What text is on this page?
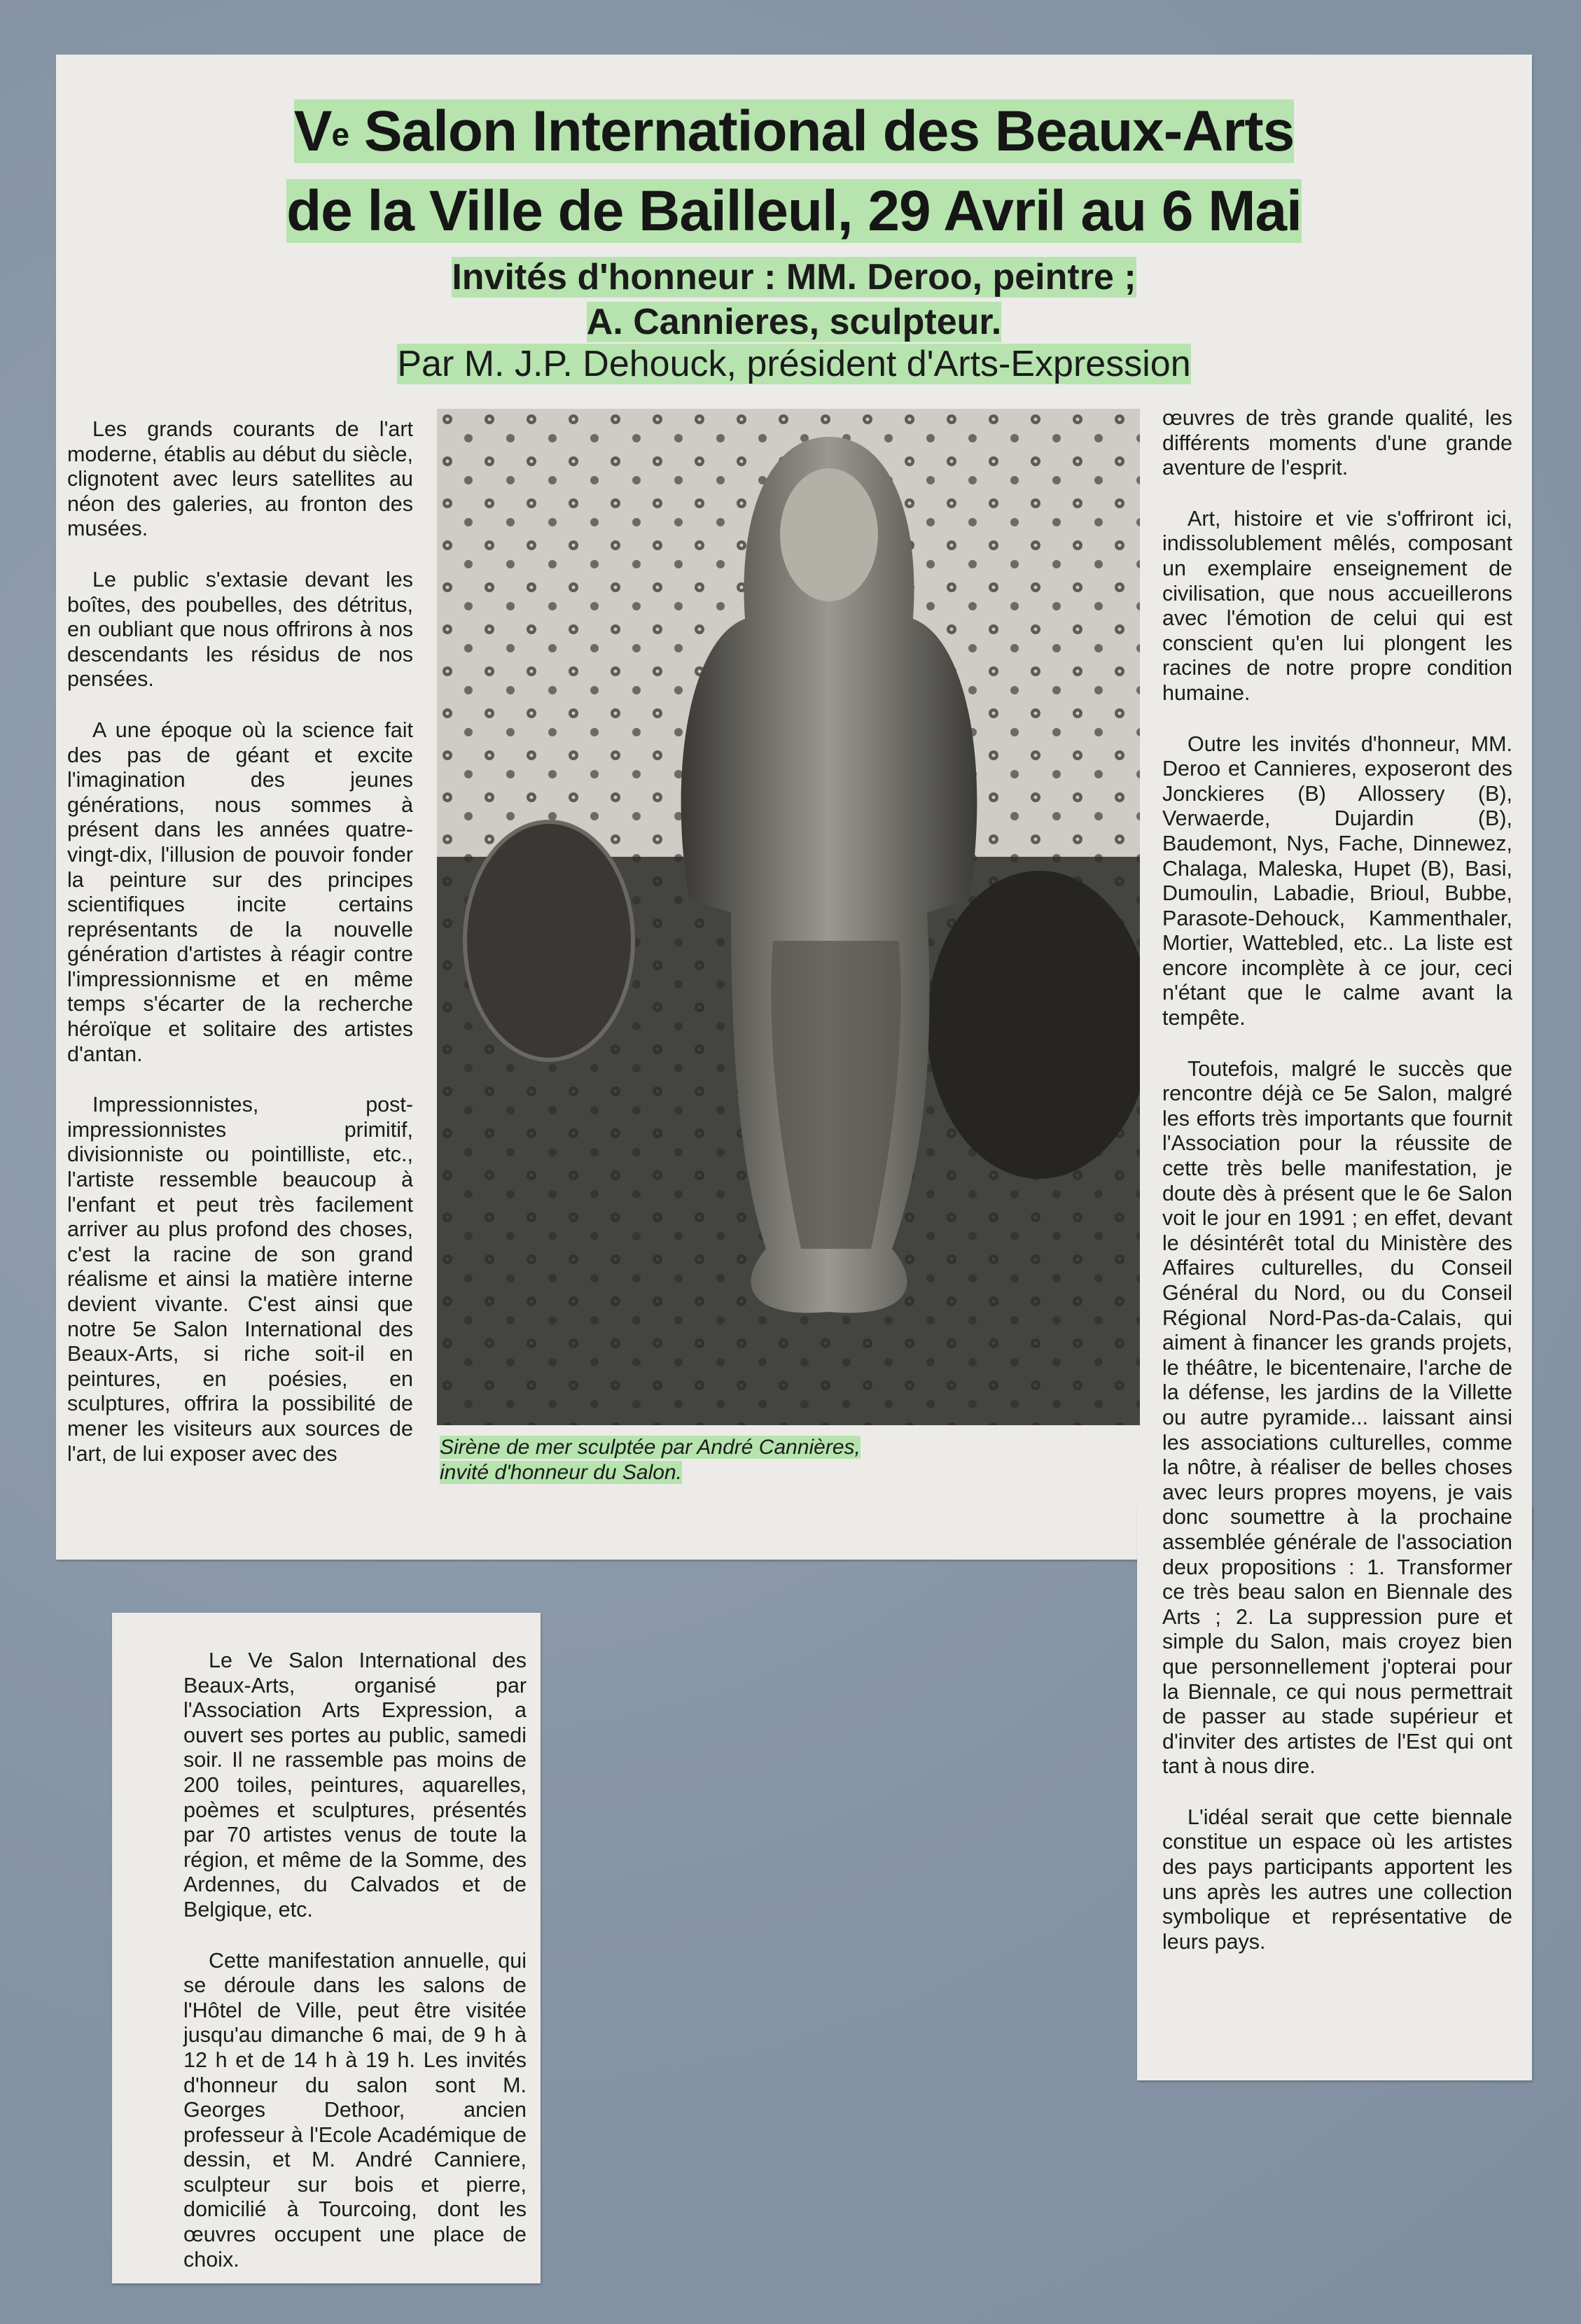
Ve Salon International des Beaux-Arts
de la Ville de Bailleul, 29 Avril au 6 Mai
Invités d'honneur : MM. Deroo, peintre ;
A. Cannieres, sculpteur.
Par M. J.P. Dehouck, président d'Arts-Expression

Les grands courants de l'art moderne, établis au début du siècle, clignotent avec leurs satellites au néon des galeries, au fronton des musées.

Le public s'extasie devant les boîtes, des poubelles, des détritus, en oubliant que nous offrirons à nos descendants les résidus de nos pensées.

A une époque où la science fait des pas de géant et excite l'imagination des jeunes générations, nous sommes à présent dans les années quatre-vingt-dix, l'illusion de pouvoir fonder la peinture sur des principes scientifiques incite certains représentants de la nouvelle génération d'artistes à réagir contre l'impressionnisme et en même temps s'écarter de la recherche héroïque et solitaire des artistes d'antan.

Impressionnistes, post-impressionnistes primitif, divisionniste ou pointilliste, etc., l'artiste ressemble beaucoup à l'enfant et peut très facilement arriver au plus profond des choses, c'est la racine de son grand réalisme et ainsi la matière interne devient vivante. C'est ainsi que notre 5e Salon International des Beaux-Arts, si riche soit-il en peintures, en poésies, en sculptures, offrira la possibilité de mener les visiteurs aux sources de l'art, de lui exposer avec des	Sirène de mer sculptée par André Cannières,
invité d'honneur du Salon.

œuvres de très grande qualité, les différents moments d'une grande aventure de l'esprit.

Art, histoire et vie s'offriront ici, indissolublement mêlés, composant un exemplaire enseignement de civilisation, que nous accueillerons avec l'émotion de celui qui est conscient qu'en lui plongent les racines de notre propre condition humaine.

Outre les invités d'honneur, MM. Deroo et Cannieres, exposeront des Jonckieres (B) Allossery (B), Verwaerde, Dujardin (B), Baudemont, Nys, Fache, Dinnewez, Chalaga, Maleska, Hupet (B), Basi, Dumoulin, Labadie, Brioul, Bubbe, Parasote-Dehouck, Kammenthaler, Mortier, Wattebled, etc.. La liste est encore incomplète à ce jour, ceci n'étant que le calme avant la tempête.

Toutefois, malgré le succès que rencontre déjà ce 5e Salon, malgré les efforts très importants que fournit l'Association pour la réussite de cette très belle manifestation, je doute dès à présent que le 6e Salon voit le jour en 1991 ; en effet, devant le désintérêt total du Ministère des Affaires culturelles, du Conseil Général du Nord, ou du Conseil Régional Nord-Pas-da-Calais, qui aiment à financer les grands projets, le théâtre, le bicentenaire, l'arche de la défense, les jardins de la Villette ou autre pyramide... laissant ainsi les associations culturelles, comme la nôtre, à réaliser de belles choses avec leurs propres moyens, je vais donc soumettre à la prochaine assemblée générale de l'association deux propositions : 1. Transformer ce très beau salon en Biennale des Arts ; 2. La suppression pure et simple du Salon, mais croyez bien que personnellement j'opterai pour la Biennale, ce qui nous permettrait de passer au stade supérieur et d'inviter des artistes de l'Est qui ont tant à nous dire.

L'idéal serait que cette biennale constitue un espace où les artistes des pays participants apportent les uns après les autres une collection symbolique et représentative de leurs pays.

Le Ve Salon International des Beaux-Arts, organisé par l'Association Arts Expression, a ouvert ses portes au public, samedi soir. Il ne rassemble pas moins de 200 toiles, peintures, aquarelles, poèmes et sculptures, présentés par 70 artistes venus de toute la région, et même de la Somme, des Ardennes, du Calvados et de Belgique, etc.

Cette manifestation annuelle, qui se déroule dans les salons de l'Hôtel de Ville, peut être visitée jusqu'au dimanche 6 mai, de 9 h à 12 h et de 14 h à 19 h. Les invités d'honneur du salon sont M. Georges Dethoor, ancien professeur à l'Ecole Académique de dessin, et M. André Canniere, sculpteur sur bois et pierre, domicilié à Tourcoing, dont les œuvres occupent une place de choix.
